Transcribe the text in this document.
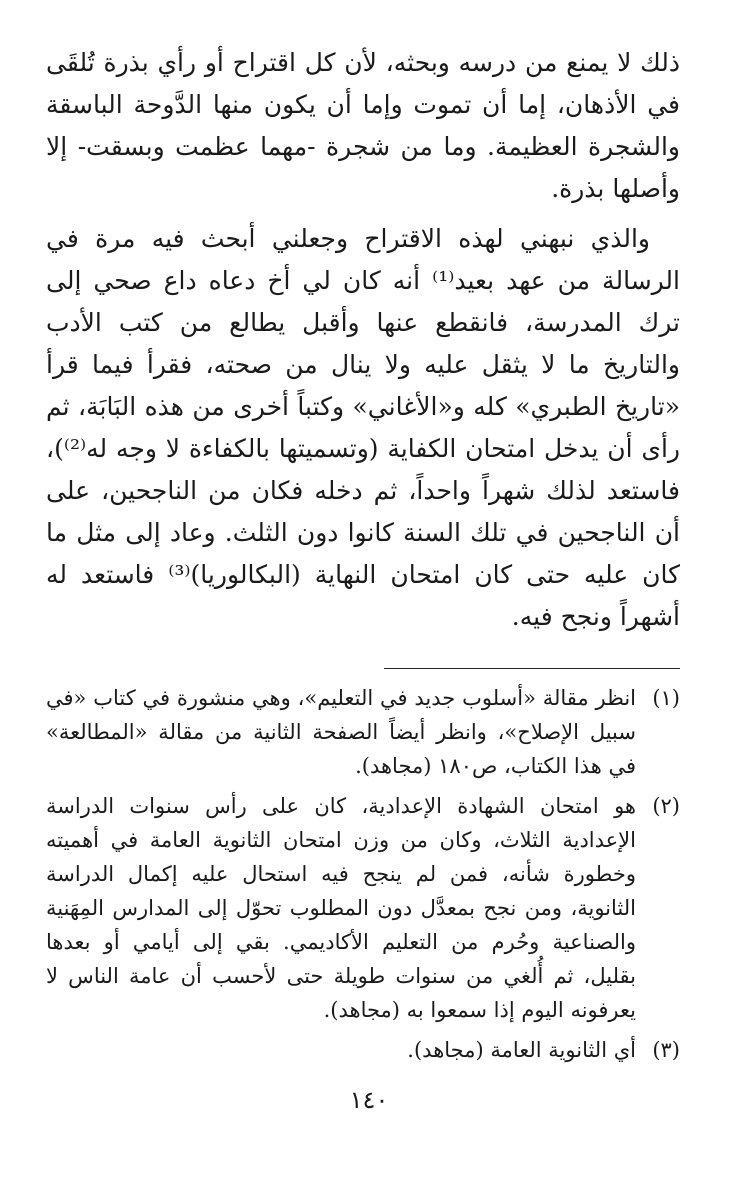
ذلك لا يمنع من درسه وبحثه، لأن كل اقتراح أو رأي بذرة تُلقَى في الأذهان، إما أن تموت وإما أن يكون منها الدَّوحة الباسقة والشجرة العظيمة. وما من شجرة -مهما عظمت وبسقت- إلا وأصلها بذرة.

والذي نبهني لهذه الاقتراح وجعلني أبحث فيه مرة في الرسالة من عهد بعيد⁽¹⁾ أنه كان لي أخ دعاه داع صحي إلى ترك المدرسة، فانقطع عنها وأقبل يطالع من كتب الأدب والتاريخ ما لا يثقل عليه ولا ينال من صحته، فقرأ فيما قرأ «تاريخ الطبري» كله و«الأغاني» وكتباً أخرى من هذه البَابَة، ثم رأى أن يدخل امتحان الكفاية (وتسميتها بالكفاءة لا وجه له⁽²⁾)، فاستعد لذلك شهراً واحداً، ثم دخله فكان من الناجحين، على أن الناجحين في تلك السنة كانوا دون الثلث. وعاد إلى مثل ما كان عليه حتى كان امتحان النهاية (البكالوريا)⁽³⁾ فاستعد له أشهراً ونجح فيه.

(١)
انظر مقالة «أسلوب جديد في التعليم»، وهي منشورة في كتاب «في سبيل الإصلاح»، وانظر أيضاً الصفحة الثانية من مقالة «المطالعة» في هذا الكتاب، ص١٨٠ (مجاهد).
(٢)
هو امتحان الشهادة الإعدادية، كان على رأس سنوات الدراسة الإعدادية الثلاث، وكان من وزن امتحان الثانوية العامة في أهميته وخطورة شأنه، فمن لم ينجح فيه استحال عليه إكمال الدراسة الثانوية، ومن نجح بمعدَّل دون المطلوب تحوّل إلى المدارس المِهَنية والصناعية وحُرم من التعليم الأكاديمي. بقي إلى أيامي أو بعدها بقليل، ثم أُلغي من سنوات طويلة حتى لأحسب أن عامة الناس لا يعرفونه اليوم إذا سمعوا به (مجاهد).
(٣)
أي الثانوية العامة (مجاهد).
١٤٠
